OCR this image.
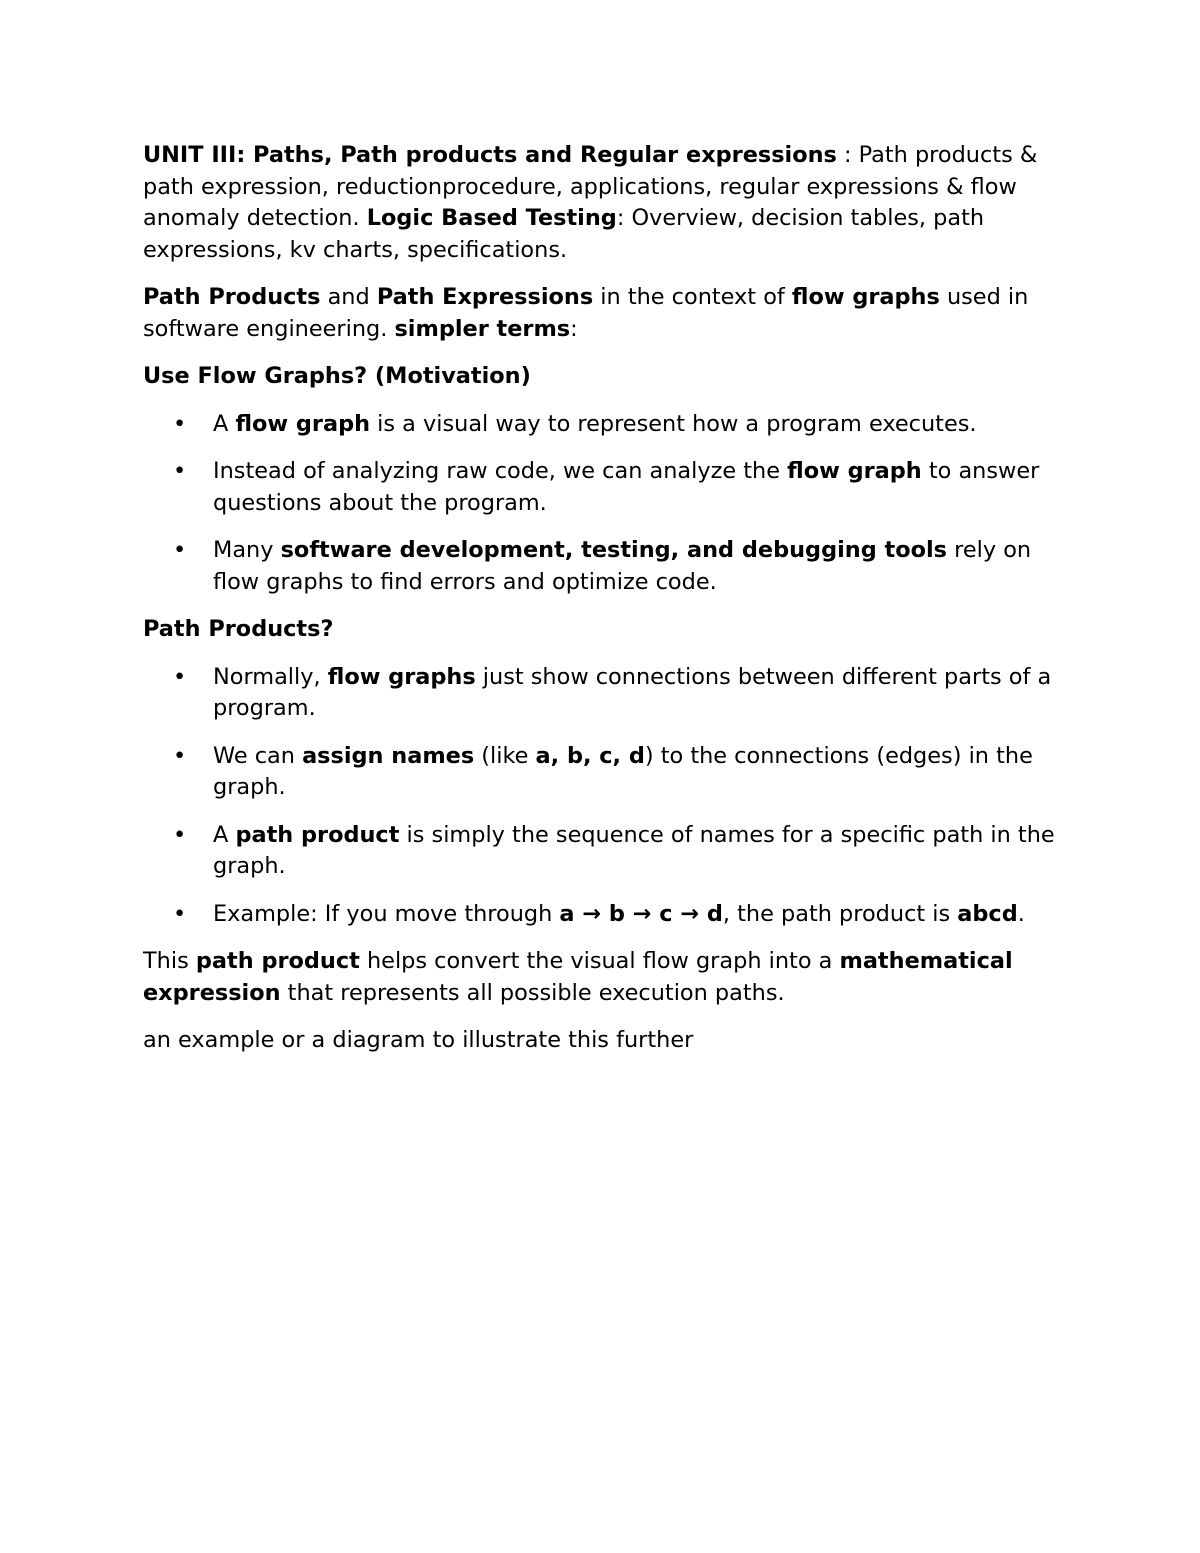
UNIT III: Paths, Path products and Regular expressions : Path products & path expression, reductionprocedure, applications, regular expressions & flow anomaly detection. Logic Based Testing: Overview, decision tables, path expressions, kv charts, specifications.

Path Products and Path Expressions in the context of flow graphs used in software engineering. simpler terms:

Use Flow Graphs? (Motivation)

• A flow graph is a visual way to represent how a program executes.
• Instead of analyzing raw code, we can analyze the flow graph to answer questions about the program.
• Many software development, testing, and debugging tools rely on flow graphs to find errors and optimize code.

Path Products?

• Normally, flow graphs just show connections between different parts of a program.
• We can assign names (like a, b, c, d) to the connections (edges) in the graph.
• A path product is simply the sequence of names for a specific path in the graph.
• Example: If you move through a → b → c → d, the path product is abcd.

This path product helps convert the visual flow graph into a mathematical expression that represents all possible execution paths.

an example or a diagram to illustrate this further
